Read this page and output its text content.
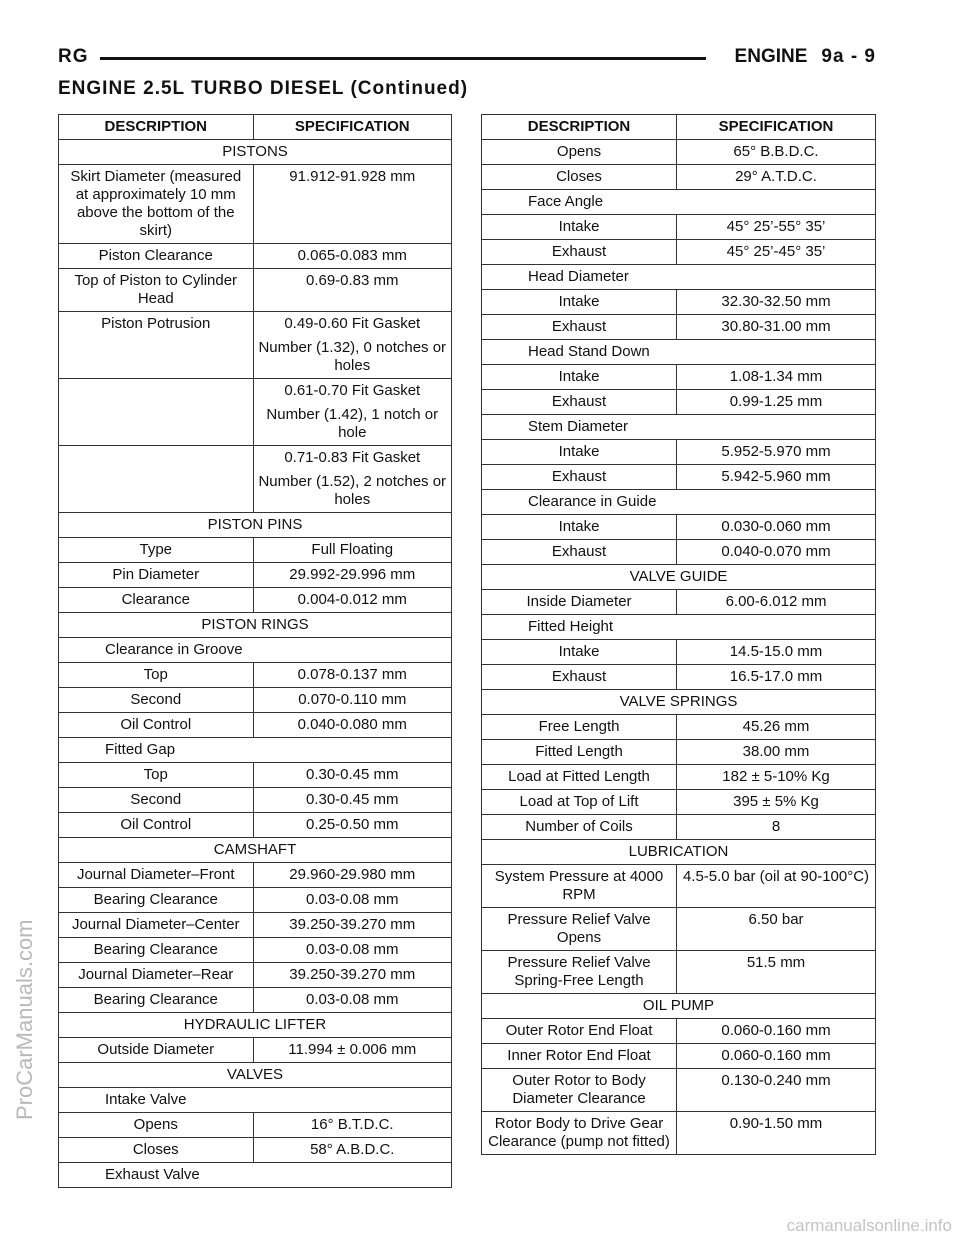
RG	ENGINE 9a - 9
ENGINE 2.5L TURBO DIESEL (Continued)
DESCRIPTION	SPECIFICATION
PISTONS	
Skirt Diameter (measured at approximately 10 mm above the bottom of the skirt)	91.912-91.928 mm
Piston Clearance	0.065-0.083 mm
Top of Piston to Cylinder Head	0.69-0.83 mm
Piston Potrusion	0.49-0.60 Fit Gasket
Number (1.32), 0 notches or holes

	0.61-0.70 Fit Gasket
Number (1.42), 1 notch or hole

	0.71-0.83 Fit Gasket
Number (1.52), 2 notches or holes

PISTON PINS	
Type	Full Floating
Pin Diameter	29.992-29.996 mm
Clearance	0.004-0.012 mm
PISTON RINGS	
Clearance in Groove	
Top	0.078-0.137 mm
Second	0.070-0.110 mm
Oil Control	0.040-0.080 mm
Fitted Gap	
Top	0.30-0.45 mm
Second	0.30-0.45 mm
Oil Control	0.25-0.50 mm
CAMSHAFT	
Journal Diameter–Front	29.960-29.980 mm
Bearing Clearance	0.03-0.08 mm
Journal Diameter–Center	39.250-39.270 mm
Bearing Clearance	0.03-0.08 mm
Journal Diameter–Rear	39.250-39.270 mm
Bearing Clearance	0.03-0.08 mm
HYDRAULIC LIFTER	
Outside Diameter	11.994 ± 0.006 mm
VALVES	
Intake Valve	
Opens	16° B.T.D.C.
Closes	58° A.B.D.C.
Exhaust Valve	
DESCRIPTION	SPECIFICATION
Opens	65° B.B.D.C.
Closes	29° A.T.D.C.
Face Angle	
Intake	45° 25’-55° 35’
Exhaust	45° 25’-45° 35’
Head Diameter	
Intake	32.30-32.50 mm
Exhaust	30.80-31.00 mm
Head Stand Down	
Intake	1.08-1.34 mm
Exhaust	0.99-1.25 mm
Stem Diameter	
Intake	5.952-5.970 mm
Exhaust	5.942-5.960 mm
Clearance in Guide	
Intake	0.030-0.060 mm
Exhaust	0.040-0.070 mm
VALVE GUIDE	
Inside Diameter	6.00-6.012 mm
Fitted Height	
Intake	14.5-15.0 mm
Exhaust	16.5-17.0 mm
VALVE SPRINGS	
Free Length	45.26 mm
Fitted Length	38.00 mm
Load at Fitted Length	182 ± 5-10% Kg
Load at Top of Lift	395 ± 5% Kg
Number of Coils	8
LUBRICATION	
System Pressure at 4000 RPM	4.5-5.0 bar (oil at 90-100°C)
Pressure Relief Valve Opens	6.50 bar
Pressure Relief Valve Spring-Free Length	51.5 mm
OIL PUMP	
Outer Rotor End Float	0.060-0.160 mm
Inner Rotor End Float	0.060-0.160 mm
Outer Rotor to Body Diameter Clearance	0.130-0.240 mm
Rotor Body to Drive Gear Clearance (pump not fitted)	0.90-1.50 mm
ProCarManuals.com
carmanualsonline.info
